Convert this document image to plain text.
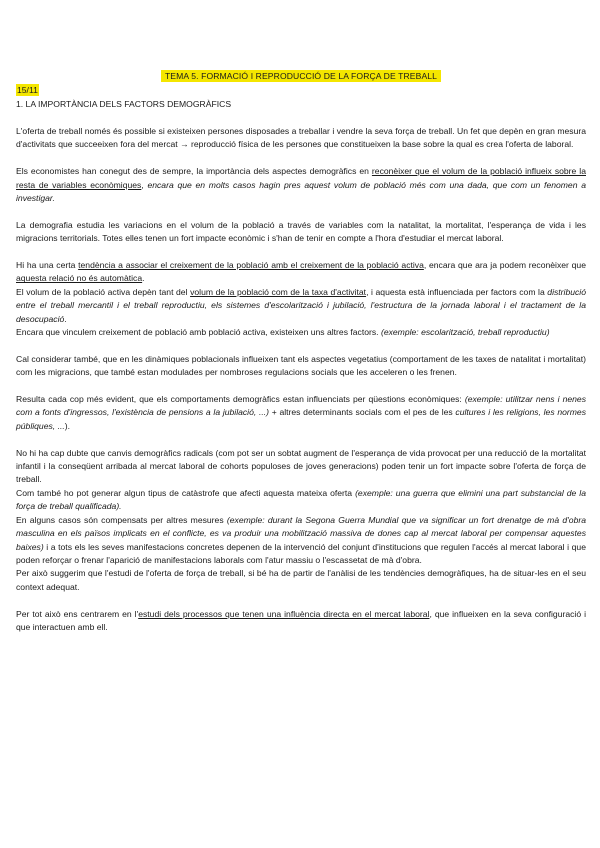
TEMA 5. FORMACIÓ I REPRODUCCIÓ DE LA FORÇA DE TREBALL
15/11
1. LA IMPORTÀNCIA DELS FACTORS DEMOGRÀFICS

L'oferta de treball només és possible si existeixen persones disposades a treballar i vendre la seva força de treball. Un fet que depèn en gran mesura d'activitats que succeeixen fora del mercat → reproducció física de les persones que constitueixen la base sobre la qual es crea l'oferta de laboral.

Els economistes han conegut des de sempre, la importància dels aspectes demogràfics en reconèixer que el volum de la població influeix sobre la resta de variables econòmiques, encara que en molts casos hagin pres aquest volum de població més com una dada, que com un fenomen a investigar.

La demografia estudia les variacions en el volum de la població a través de variables com la natalitat, la mortalitat, l'esperança de vida i les migracions territorials. Totes elles tenen un fort impacte econòmic i s'han de tenir en compte a l'hora d'estudiar el mercat laboral.

Hi ha una certa tendència a associar el creixement de la població amb el creixement de la població activa, encara que ara ja podem reconèixer que aquesta relació no és automàtica.

El volum de la població activa depèn tant del volum de la població com de la taxa d'activitat, i aquesta està influenciada per factors com la distribució entre el treball mercantil i el treball reproductiu, els sistemes d'escolarització i jubilació, l'estructura de la jornada laboral i el tractament de la desocupació.

Encara que vinculem creixement de població amb població activa, existeixen uns altres factors. (exemple: escolarització, treball reproductiu)

Cal considerar també, que en les dinàmiques poblacionals influeixen tant els aspectes vegetatius (comportament de les taxes de natalitat i mortalitat) com les migracions, que també estan modulades per nombroses regulacions socials que les acceleren o les frenen.

Resulta cada cop més evident, que els comportaments demogràfics estan influenciats per qüestions econòmiques: (exemple: utilitzar nens i nenes com a fonts d'ingressos, l'existència de pensions a la jubilació, ...) + altres determinants socials com el pes de les cultures i les religions, les normes públiques, ...).

No hi ha cap dubte que canvis demogràfics radicals (com pot ser un sobtat augment de l'esperança de vida provocat per una reducció de la mortalitat infantil i la conseqüent arribada al mercat laboral de cohorts populoses de joves generacions) poden tenir un fort impacte sobre l'oferta de força de treball.

Com també ho pot generar algun tipus de catàstrofe que afecti aquesta mateixa oferta (exemple: una guerra que elimini una part substancial de la força de treball qualificada).

En alguns casos són compensats per altres mesures (exemple: durant la Segona Guerra Mundial que va significar un fort drenatge de mà d'obra masculina en els països implicats en el conflicte, es va produir una mobilització massiva de dones cap al mercat laboral per compensar aquestes baixes) i a tots els les seves manifestacions concretes depenen de la intervenció del conjunt d'institucions que regulen l'accés al mercat laboral i que poden reforçar o frenar l'aparició de manifestacions laborals com l'atur massiu o l'escassetat de mà d'obra.

Per això suggerim que l'estudi de l'oferta de força de treball, si bé ha de partir de l'anàlisi de les tendències demogràfiques, ha de situar-les en el seu context adequat.

Per tot això ens centrarem en l'estudi dels processos que tenen una influència directa en el mercat laboral, que influeixen en la seva configuració i que interactuen amb ell.
